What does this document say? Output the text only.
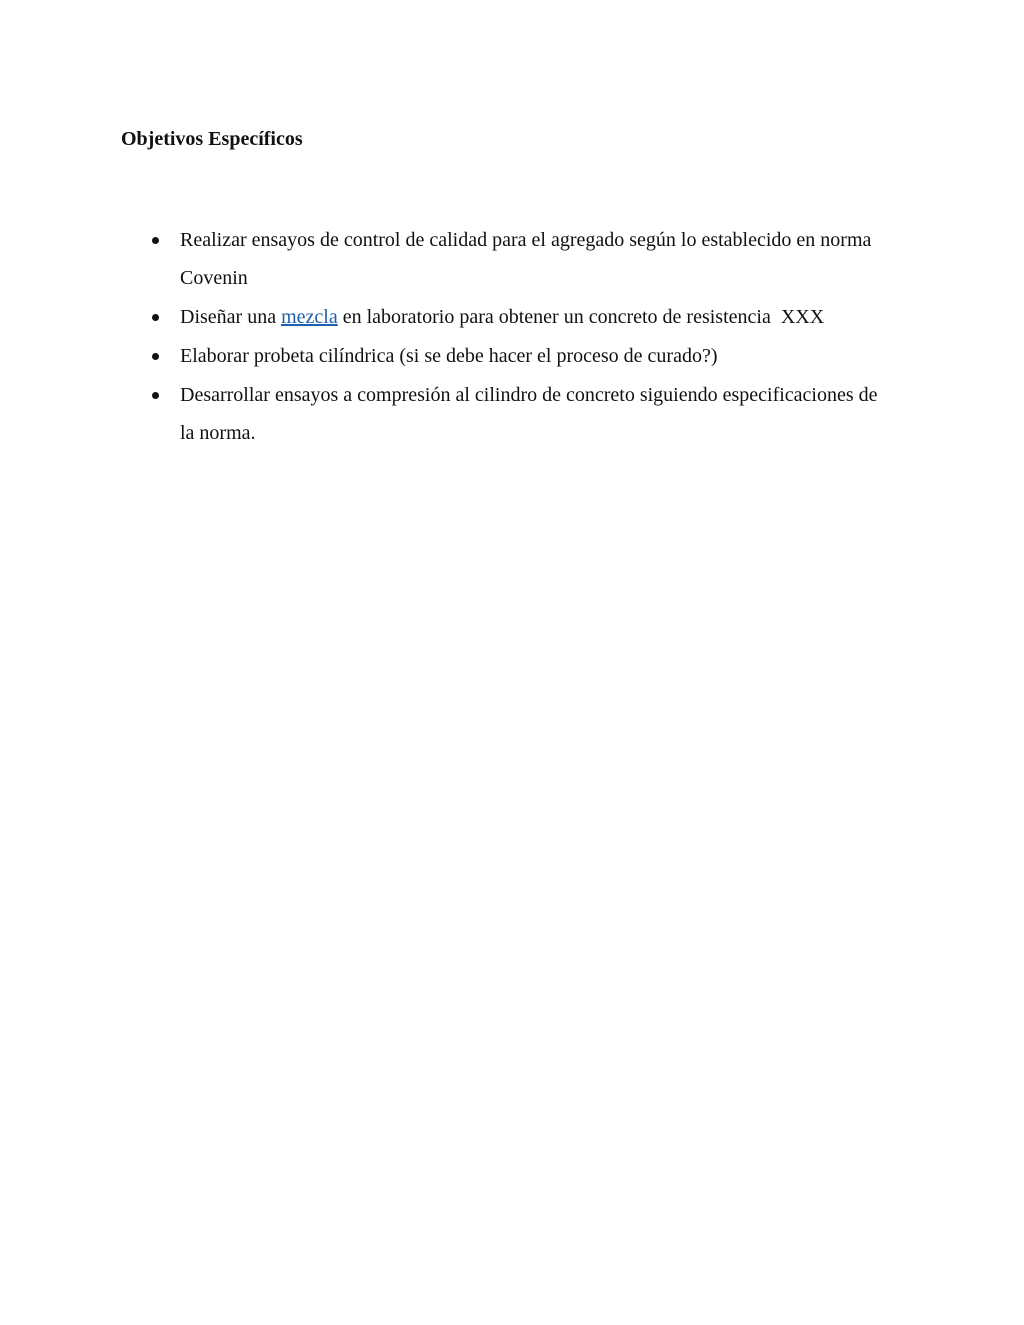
Objetivos Específicos
Realizar ensayos de control de calidad para el agregado según lo establecido en norma Covenin
Diseñar una mezcla en laboratorio para obtener un concreto de resistencia  XXX
Elaborar probeta cilíndrica (si se debe hacer el proceso de curado?)
Desarrollar ensayos a compresión al cilindro de concreto siguiendo especificaciones de la norma.
